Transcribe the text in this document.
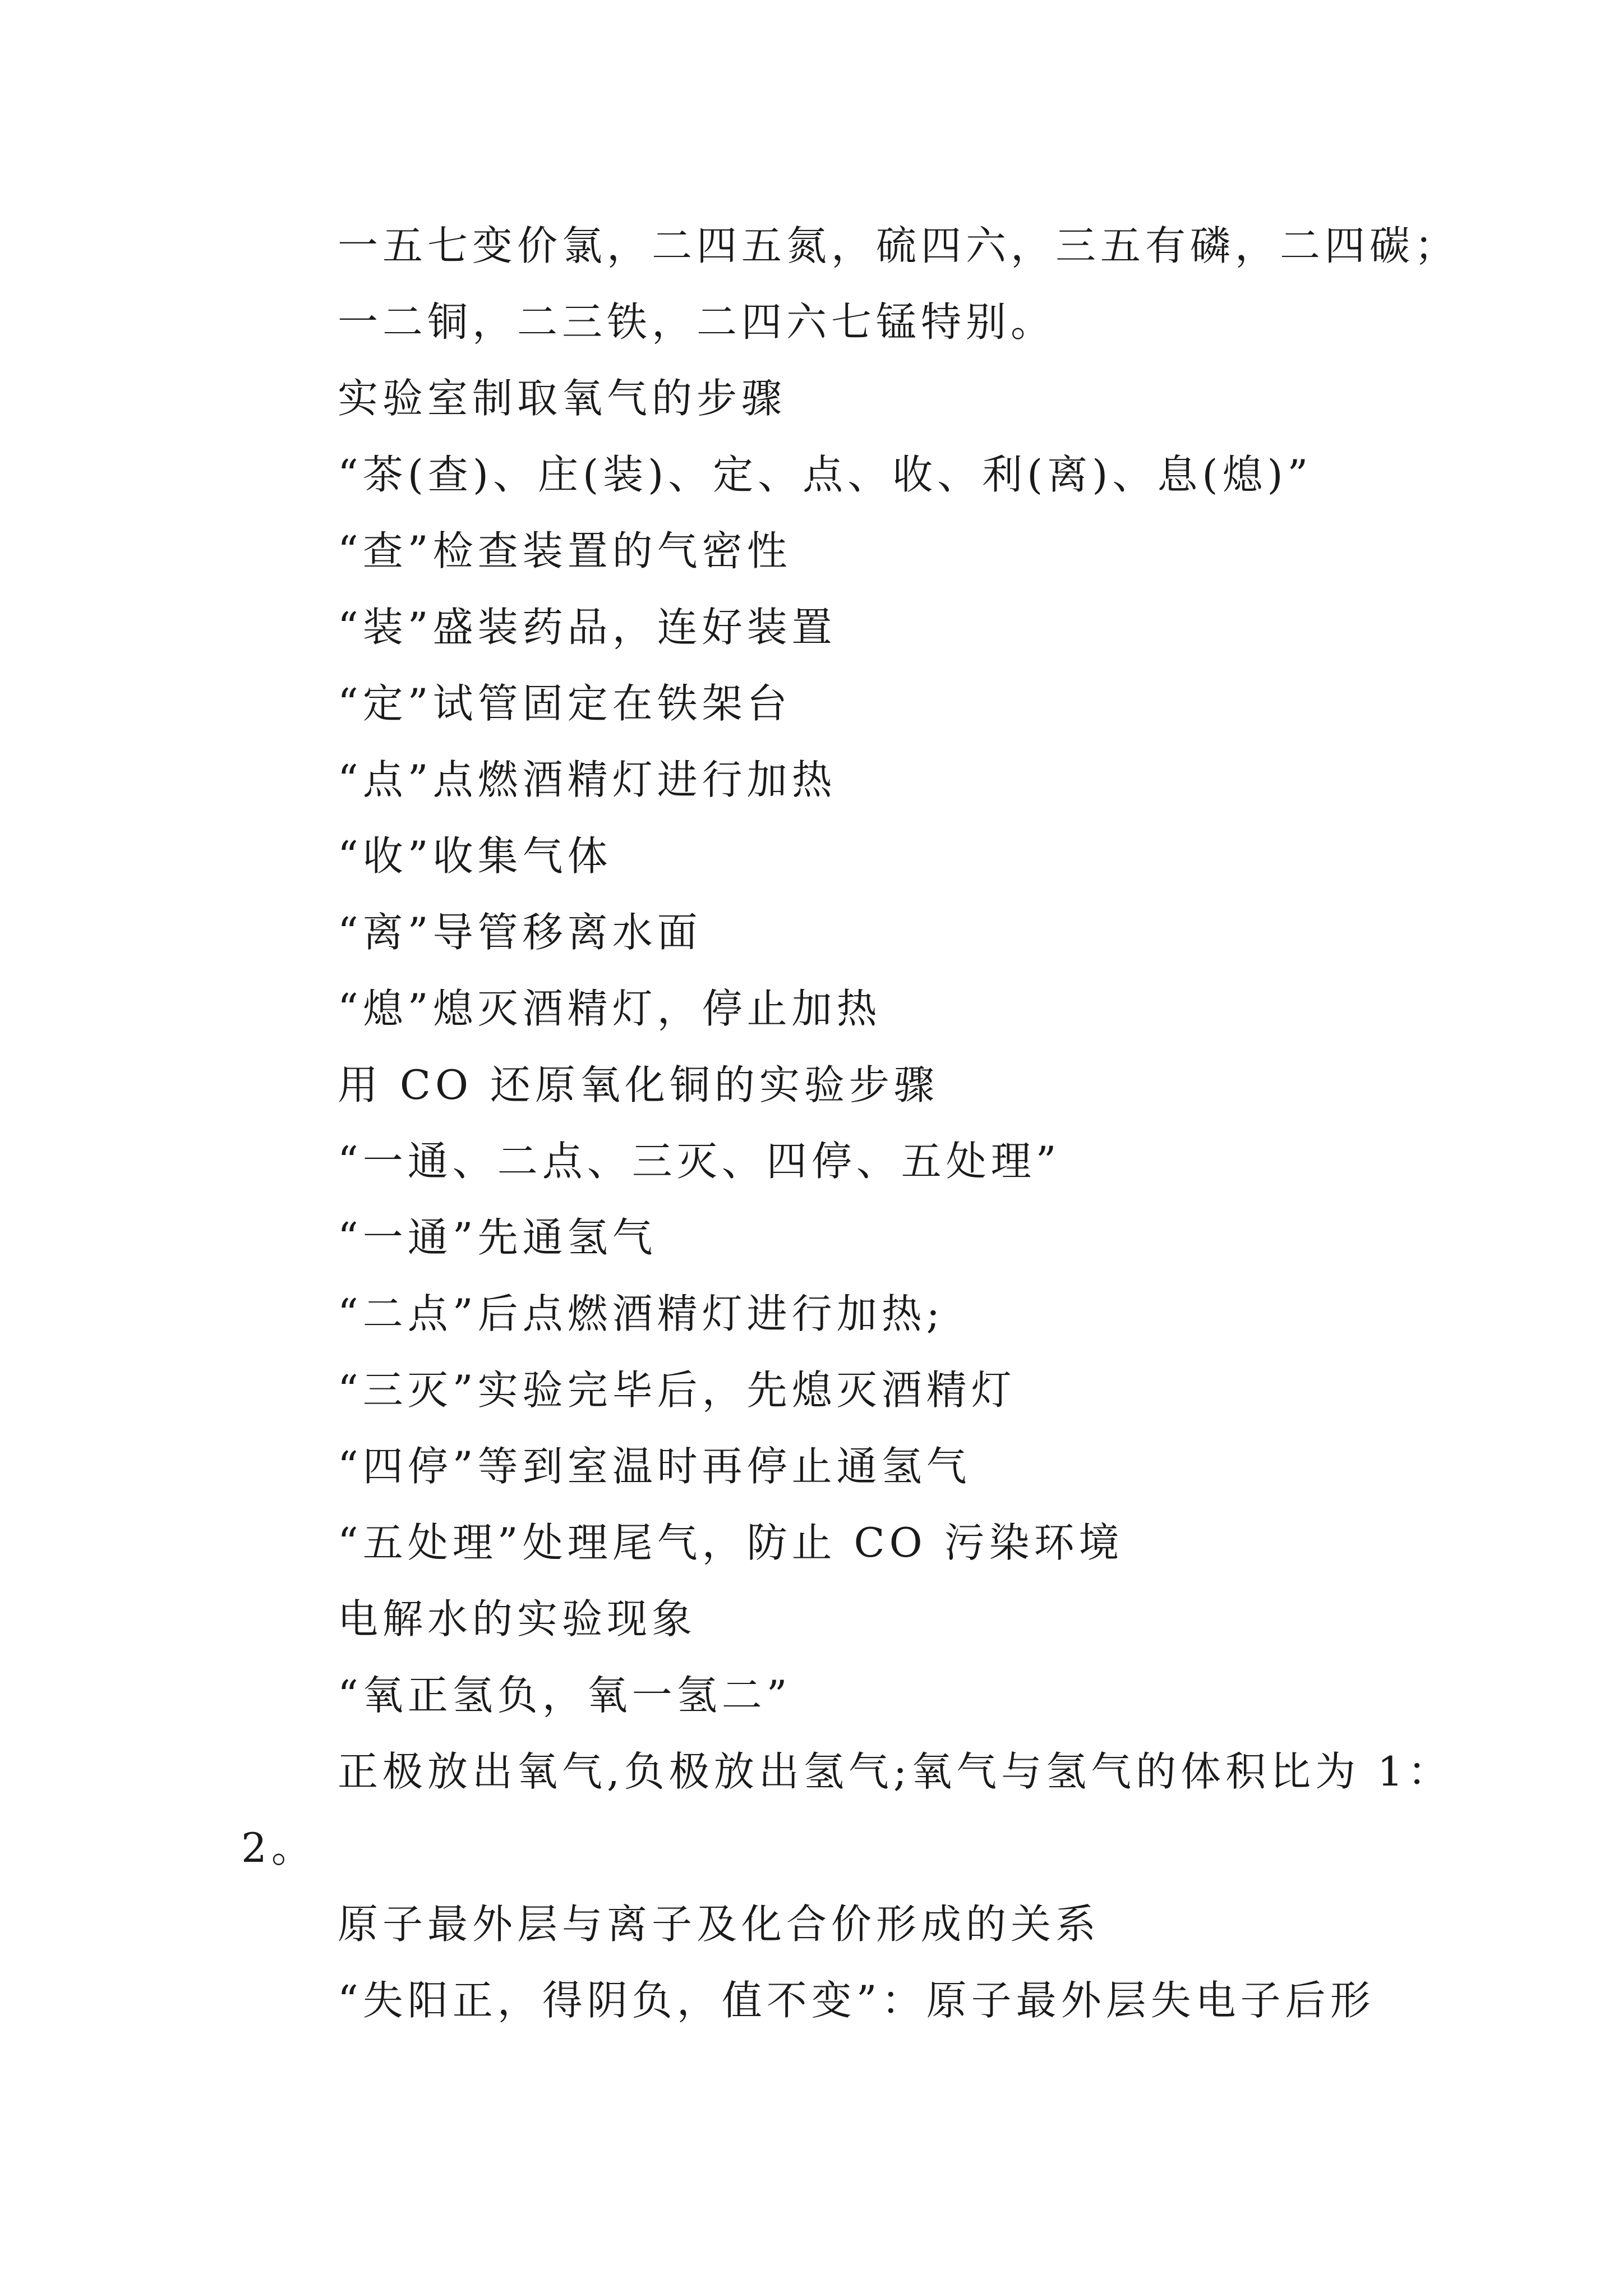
一五七变价氯，二四五氮，硫四六，三五有磷，二四碳；
一二铜，二三铁，二四六七锰特别。
实验室制取氧气的步骤
“茶(查)、庄(装)、定、点、收、利(离)、息(熄)”
“查”检查装置的气密性
“装”盛装药品，连好装置
“定”试管固定在铁架台
“点”点燃酒精灯进行加热
“收”收集气体
“离”导管移离水面
“熄”熄灭酒精灯，停止加热
用 CO 还原氧化铜的实验步骤
“一通、二点、三灭、四停、五处理”
“一通”先通氢气
“二点”后点燃酒精灯进行加热;
“三灭”实验完毕后，先熄灭酒精灯
“四停”等到室温时再停止通氢气
“五处理”处理尾气，防止 CO 污染环境
电解水的实验现象
“氧正氢负，氧一氢二”
正极放出氧气,负极放出氢气;氧气与氢气的体积比为 1：
2。
原子最外层与离子及化合价形成的关系
“失阳正，得阴负，值不变”：原子最外层失电子后形
